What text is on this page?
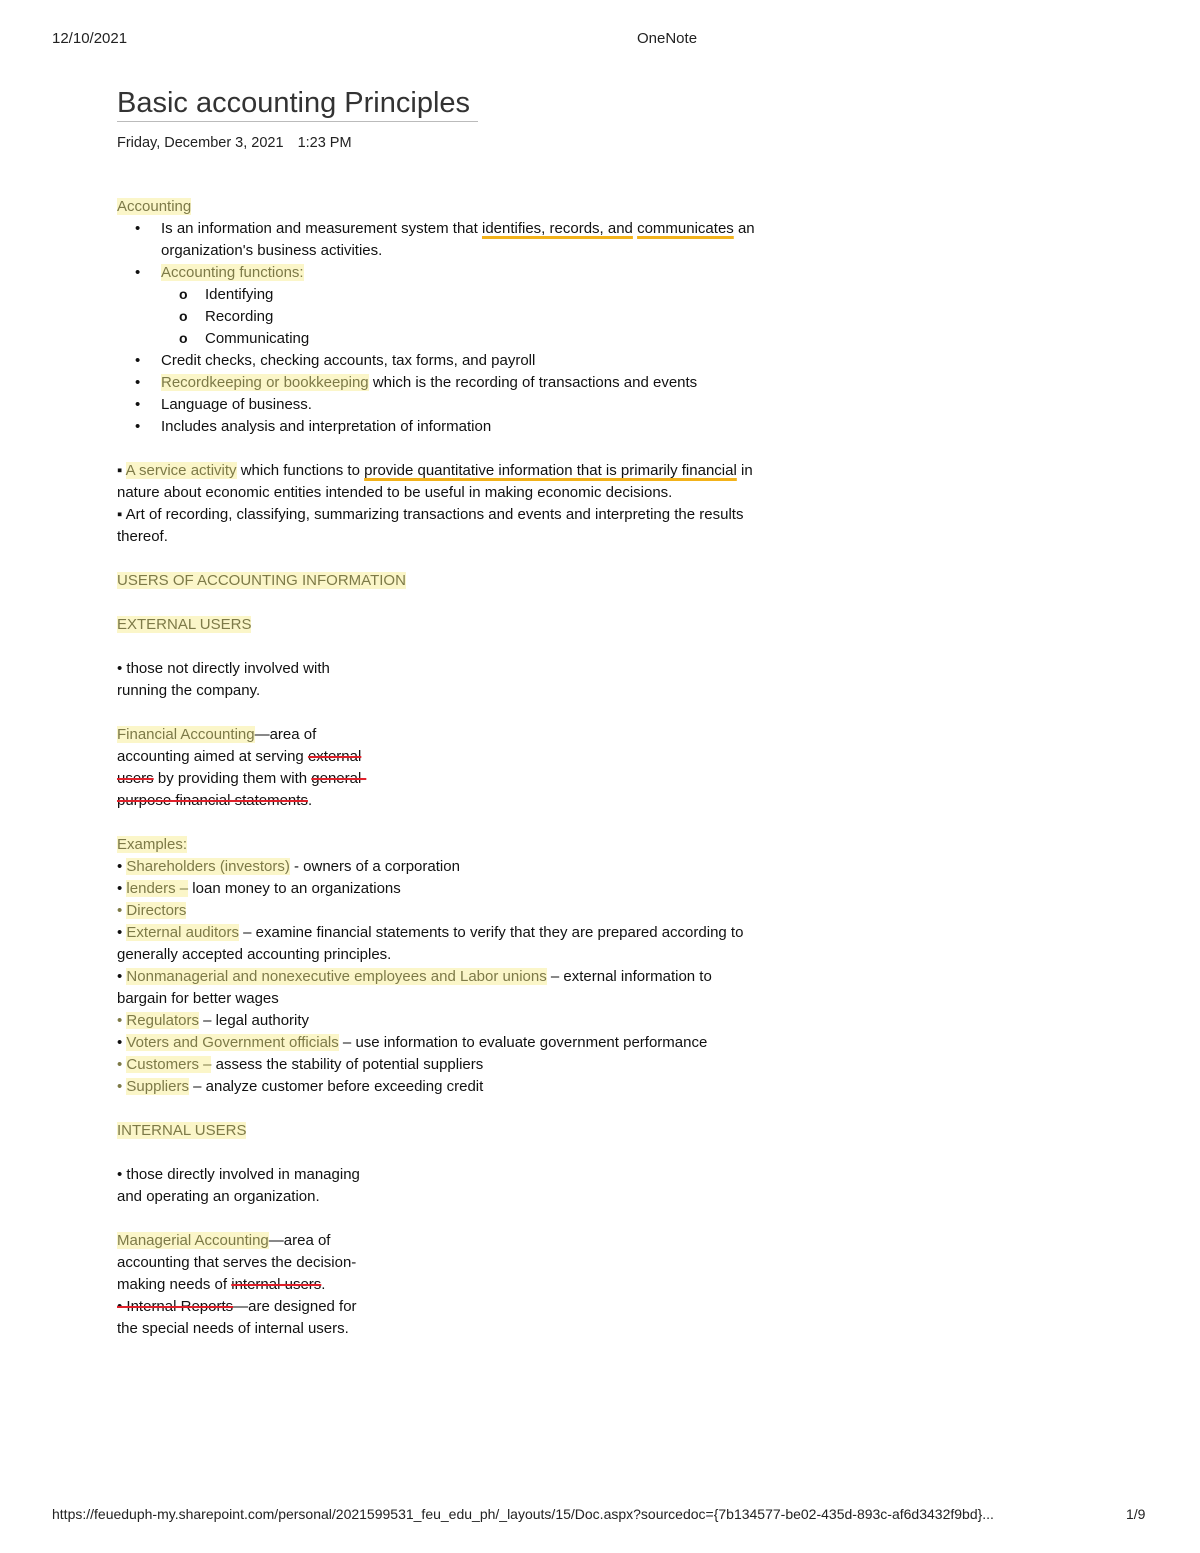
12/10/2021	OneNote
Basic accounting Principles
Friday, December 3, 2021 1:23 PM

Accounting

• Is an information and measurement system that identifies, records, and communicates an organization's business activities.
• Accounting functions:
o Identifying
o Recording
o Communicating
• Credit checks, checking accounts, tax forms, and payroll
• Recordkeeping or bookkeeping which is the recording of transactions and events
• Language of business.
• Includes analysis and interpretation of information

▪ A service activity which functions to provide quantitative information that is primarily financial in nature about economic entities intended to be useful in making economic decisions.

▪ Art of recording, classifying, summarizing transactions and events and interpreting the results thereof.

USERS OF ACCOUNTING INFORMATION

EXTERNAL USERS

• those not directly involved with running the company.

Financial Accounting—area of accounting aimed at serving external users by providing them with general-purpose financial statements.

Examples:

• Shareholders (investors) - owners of a corporation

• lenders – loan money to an organizations

• Directors

• External auditors – examine financial statements to verify that they are prepared according to generally accepted accounting principles.

• Nonmanagerial and nonexecutive employees and Labor unions – external information to bargain for better wages

• Regulators – legal authority

• Voters and Government officials – use information to evaluate government performance

• Customers – assess the stability of potential suppliers

• Suppliers – analyze customer before exceeding credit

INTERNAL USERS

• those directly involved in managing and operating an organization.

Managerial Accounting—area of accounting that serves the decision-making needs of internal users.

• Internal Reports—are designed for the special needs of internal users.

https://feueduph-my.sharepoint.com/personal/2021599531_feu_edu_ph/_layouts/15/Doc.aspx?sourcedoc={7b134577-be02-435d-893c-af6d3432f9bd}...	1/9
